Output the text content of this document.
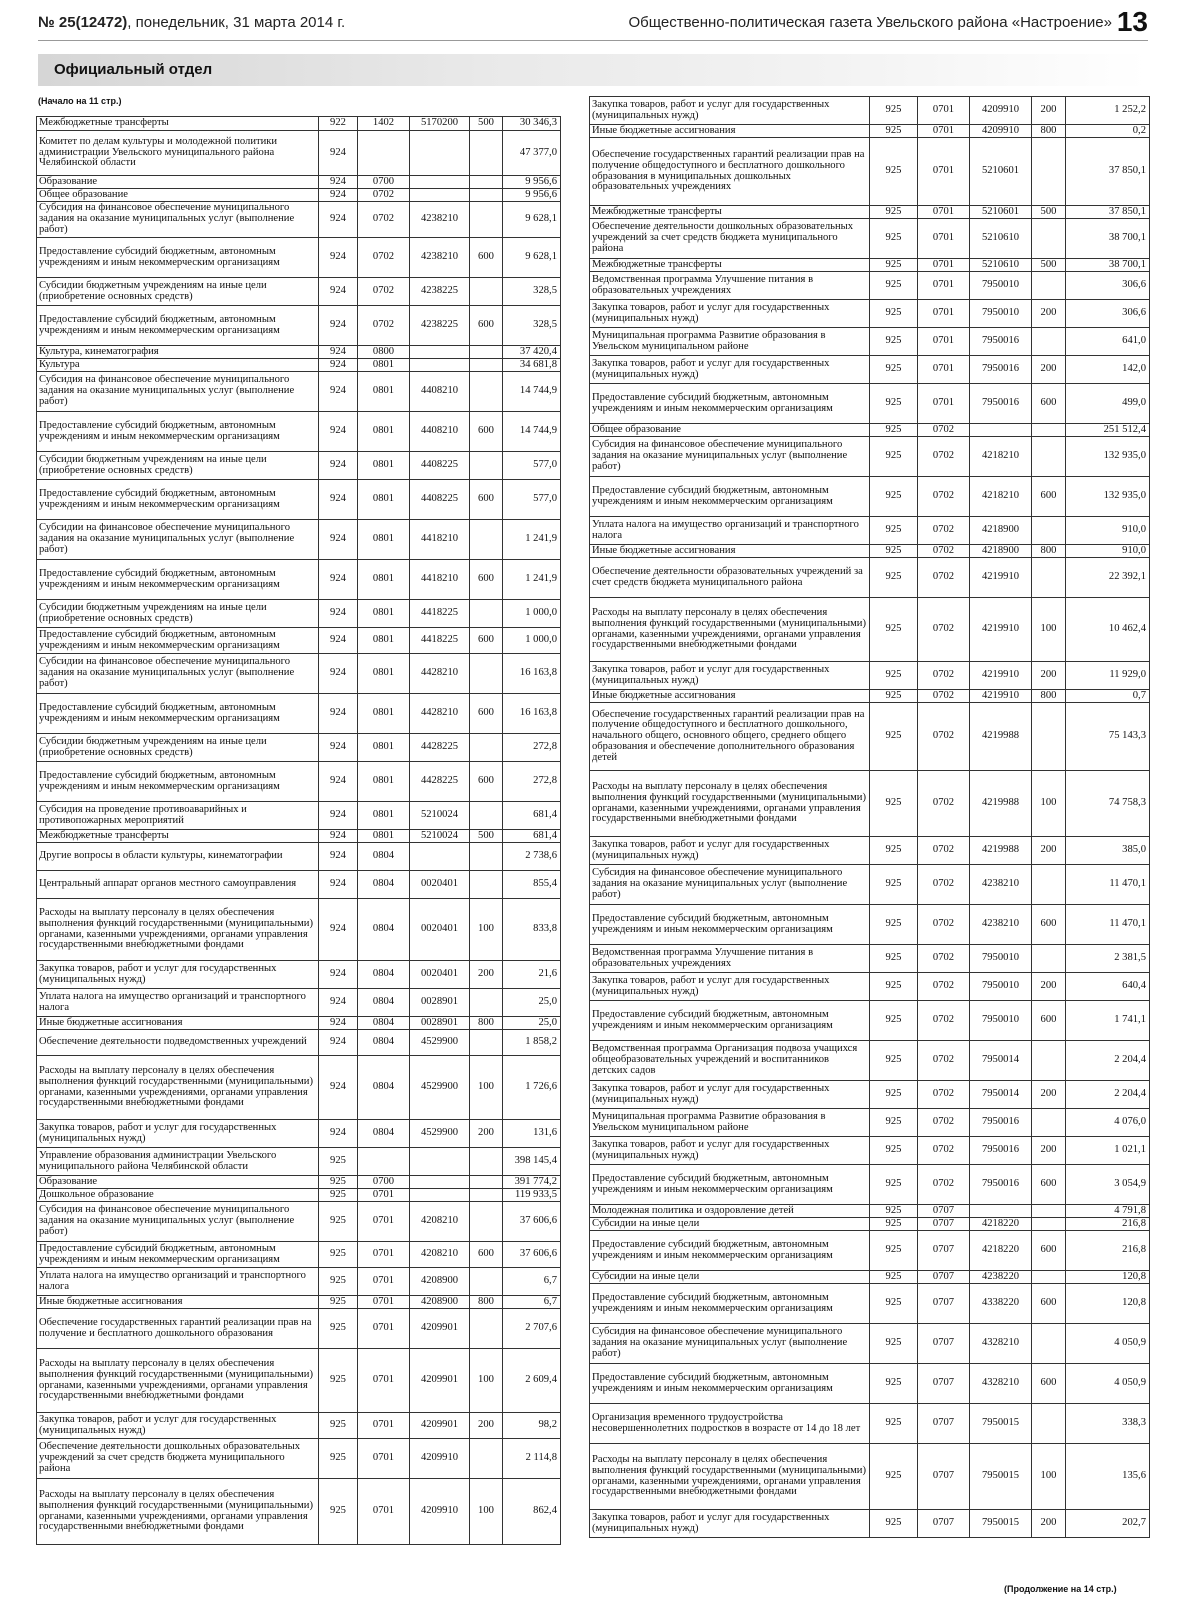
№ 25(12472), понедельник, 31 марта 2014 г.	Общественно-политическая газета Увельского района «Настроение» 13
Официальный отдел
(Начало на 11 стр.)
Межбюджетные трансферты	922	1402	5170200	500	30 346,3
Комитет по делам культуры и молодежной политики администрации Увельского муниципального района Челябинской области	924				47 377,0
Образование	924	0700			9 956,6
Общее образование	924	0702			9 956,6
Субсидия на финансовое обеспечение муниципального задания на оказание муниципальных услуг (выполнение работ)	924	0702	4238210		9 628,1
Предоставление субсидий бюджетным, автономным учреждениям и иным некоммерческим организациям	924	0702	4238210	600	9 628,1
Субсидии бюджетным учреждениям на иные цели (приобретение основных средств)	924	0702	4238225		328,5
Предоставление субсидий бюджетным, автономным учреждениям и иным некоммерческим организациям	924	0702	4238225	600	328,5
Культура, кинематография	924	0800			37 420,4
Культура	924	0801			34 681,8
Субсидия на финансовое обеспечение муниципального задания на оказание муниципальных услуг (выполнение работ)	924	0801	4408210		14 744,9
Предоставление субсидий бюджетным, автономным учреждениям и иным некоммерческим организациям	924	0801	4408210	600	14 744,9
Субсидии бюджетным учреждениям на иные цели (приобретение основных средств)	924	0801	4408225		577,0
Предоставление субсидий бюджетным, автономным учреждениям и иным некоммерческим организациям	924	0801	4408225	600	577,0
Субсидии на финансовое обеспечение муниципального задания на оказание муниципальных услуг (выполнение работ)	924	0801	4418210		1 241,9
Предоставление субсидий бюджетным, автономным учреждениям и иным некоммерческим организациям	924	0801	4418210	600	1 241,9
Субсидии бюджетным учреждениям на иные цели (приобретение основных средств)	924	0801	4418225		1 000,0
Предоставление субсидий бюджетным, автономным учреждениям и иным некоммерческим организациям	924	0801	4418225	600	1 000,0
Субсидии на финансовое обеспечение муниципального задания на оказание муниципальных услуг (выполнение работ)	924	0801	4428210		16 163,8
Предоставление субсидий бюджетным, автономным учреждениям и иным некоммерческим организациям	924	0801	4428210	600	16 163,8
Субсидии бюджетным учреждениям на иные цели (приобретение основных средств)	924	0801	4428225		272,8
Предоставление субсидий бюджетным, автономным учреждениям и иным некоммерческим организациям	924	0801	4428225	600	272,8
Субсидия на проведение противоаварийных и противопожарных мероприятий	924	0801	5210024		681,4
Межбюджетные трансферты	924	0801	5210024	500	681,4
Другие вопросы в области культуры, кинематографии	924	0804			2 738,6
Центральный аппарат органов местного самоуправления	924	0804	0020401		855,4
Расходы на выплату персоналу в целях обеспечения выполнения функций государственными (муниципальными) органами, казенными учреждениями, органами управления государственными внебюджетными фондами	924	0804	0020401	100	833,8
Закупка товаров, работ и услуг для государственных (муниципальных нужд)	924	0804	0020401	200	21,6
Уплата налога на имущество организаций и транспортного налога	924	0804	0028901		25,0
Иные бюджетные ассигнования	924	0804	0028901	800	25,0
Обеспечение деятельности подведомственных учреждений	924	0804	4529900		1 858,2
Расходы на выплату персоналу в целях обеспечения выполнения функций государственными (муниципальными) органами, казенными учреждениями, органами управления государственными внебюджетными фондами	924	0804	4529900	100	1 726,6
Закупка товаров, работ и услуг для государственных (муниципальных нужд)	924	0804	4529900	200	131,6
Управление образования администрации Увельского муниципального района Челябинской области	925				398 145,4
Образование	925	0700			391 774,2
Дошкольное образование	925	0701			119 933,5
Субсидия на финансовое обеспечение муниципального задания на оказание муниципальных услуг (выполнение работ)	925	0701	4208210		37 606,6
Предоставление субсидий бюджетным, автономным учреждениям и иным некоммерческим организациям	925	0701	4208210	600	37 606,6
Уплата налога на имущество организаций и транспортного налога	925	0701	4208900		6,7
Иные бюджетные ассигнования	925	0701	4208900	800	6,7
Обеспечение государственных гарантий реализации прав на получение и бесплатного дошкольного образования	925	0701	4209901		2 707,6
Расходы на выплату персоналу в целях обеспечения выполнения функций государственными (муниципальными) органами, казенными учреждениями, органами управления государственными внебюджетными фондами	925	0701	4209901	100	2 609,4
Закупка товаров, работ и услуг для государственных (муниципальных нужд)	925	0701	4209901	200	98,2
Обеспечение деятельности дошкольных образовательных учреждений за счет средств бюджета муниципального района	925	0701	4209910		2 114,8
Расходы на выплату персоналу в целях обеспечения выполнения функций государственными (муниципальными) органами, казенными учреждениями, органами управления государственными внебюджетными фондами	925	0701	4209910	100	862,4
Закупка товаров, работ и услуг для государственных (муниципальных нужд)	925	0701	4209910	200	1 252,2
Иные бюджетные ассигнования	925	0701	4209910	800	0,2
Обеспечение государственных гарантий реализации прав на получение общедоступного и бесплатного дошкольного образования в муниципальных дошкольных образовательных учреждениях	925	0701	5210601		37 850,1
Межбюджетные трансферты	925	0701	5210601	500	37 850,1
Обеспечение деятельности дошкольных образовательных учреждений за счет средств бюджета муниципального района	925	0701	5210610		38 700,1
Межбюджетные трансферты	925	0701	5210610	500	38 700,1
Ведомственная программа Улучшение питания в образовательных учреждениях	925	0701	7950010		306,6
Закупка товаров, работ и услуг для государственных (муниципальных нужд)	925	0701	7950010	200	306,6
Муниципальная программа Развитие образования в Увельском муниципальном районе	925	0701	7950016		641,0
Закупка товаров, работ и услуг для государственных (муниципальных нужд)	925	0701	7950016	200	142,0
Предоставление субсидий бюджетным, автономным учреждениям и иным некоммерческим организациям	925	0701	7950016	600	499,0
Общее образование	925	0702			251 512,4
Субсидия на финансовое обеспечение муниципального задания на оказание муниципальных услуг (выполнение работ)	925	0702	4218210		132 935,0
Предоставление субсидий бюджетным, автономным учреждениям и иным некоммерческим организациям	925	0702	4218210	600	132 935,0
Уплата налога на имущество организаций и транспортного налога	925	0702	4218900		910,0
Иные бюджетные ассигнования	925	0702	4218900	800	910,0
Обеспечение деятельности образовательных учреждений за счет средств бюджета муниципального района	925	0702	4219910		22 392,1
Расходы на выплату персоналу в целях обеспечения выполнения функций государственными (муниципальными) органами, казенными учреждениями, органами управления государственными внебюджетными фондами	925	0702	4219910	100	10 462,4
Закупка товаров, работ и услуг для государственных (муниципальных нужд)	925	0702	4219910	200	11 929,0
Иные бюджетные ассигнования	925	0702	4219910	800	0,7
Обеспечение государственных гарантий реализации прав на получение общедоступного и бесплатного дошкольного, начального общего, основного общего, среднего общего образования и обеспечение дополнительного образования детей	925	0702	4219988		75 143,3
Расходы на выплату персоналу в целях обеспечения выполнения функций государственными (муниципальными) органами, казенными учреждениями, органами управления государственными внебюджетными фондами	925	0702	4219988	100	74 758,3
Закупка товаров, работ и услуг для государственных (муниципальных нужд)	925	0702	4219988	200	385,0
Субсидия на финансовое обеспечение муниципального задания на оказание муниципальных услуг (выполнение работ)	925	0702	4238210		11 470,1
Предоставление субсидий бюджетным, автономным учреждениям и иным некоммерческим организациям	925	0702	4238210	600	11 470,1
Ведомственная программа Улучшение питания в образовательных учреждениях	925	0702	7950010		2 381,5
Закупка товаров, работ и услуг для государственных (муниципальных нужд)	925	0702	7950010	200	640,4
Предоставление субсидий бюджетным, автономным учреждениям и иным некоммерческим организациям	925	0702	7950010	600	1 741,1
Ведомственная программа Организация подвоза учащихся общеобразовательных учреждений и воспитанников детских садов	925	0702	7950014		2 204,4
Закупка товаров, работ и услуг для государственных (муниципальных нужд)	925	0702	7950014	200	2 204,4
Муниципальная программа Развитие образования в Увельском муниципальном районе	925	0702	7950016		4 076,0
Закупка товаров, работ и услуг для государственных (муниципальных нужд)	925	0702	7950016	200	1 021,1
Предоставление субсидий бюджетным, автономным учреждениям и иным некоммерческим организациям	925	0702	7950016	600	3 054,9
Молодежная политика и оздоровление детей	925	0707			4 791,8
Субсидии на иные цели	925	0707	4218220		216,8
Предоставление субсидий бюджетным, автономным учреждениям и иным некоммерческим организациям	925	0707	4218220	600	216,8
Субсидии на иные цели	925	0707	4238220		120,8
Предоставление субсидий бюджетным, автономным учреждениям и иным некоммерческим организациям	925	0707	4338220	600	120,8
Субсидия на финансовое обеспечение муниципального задания на оказание муниципальных услуг (выполнение работ)	925	0707	4328210		4 050,9
Предоставление субсидий бюджетным, автономным учреждениям и иным некоммерческим организациям	925	0707	4328210	600	4 050,9
Организация временного трудоустройства несовершеннолетних подростков в возрасте от 14 до 18 лет	925	0707	7950015		338,3
Расходы на выплату персоналу в целях обеспечения выполнения функций государственными (муниципальными) органами, казенными учреждениями, органами управления государственными внебюджетными фондами	925	0707	7950015	100	135,6
Закупка товаров, работ и услуг для государственных (муниципальных нужд)	925	0707	7950015	200	202,7
(Продолжение на 14 стр.)
